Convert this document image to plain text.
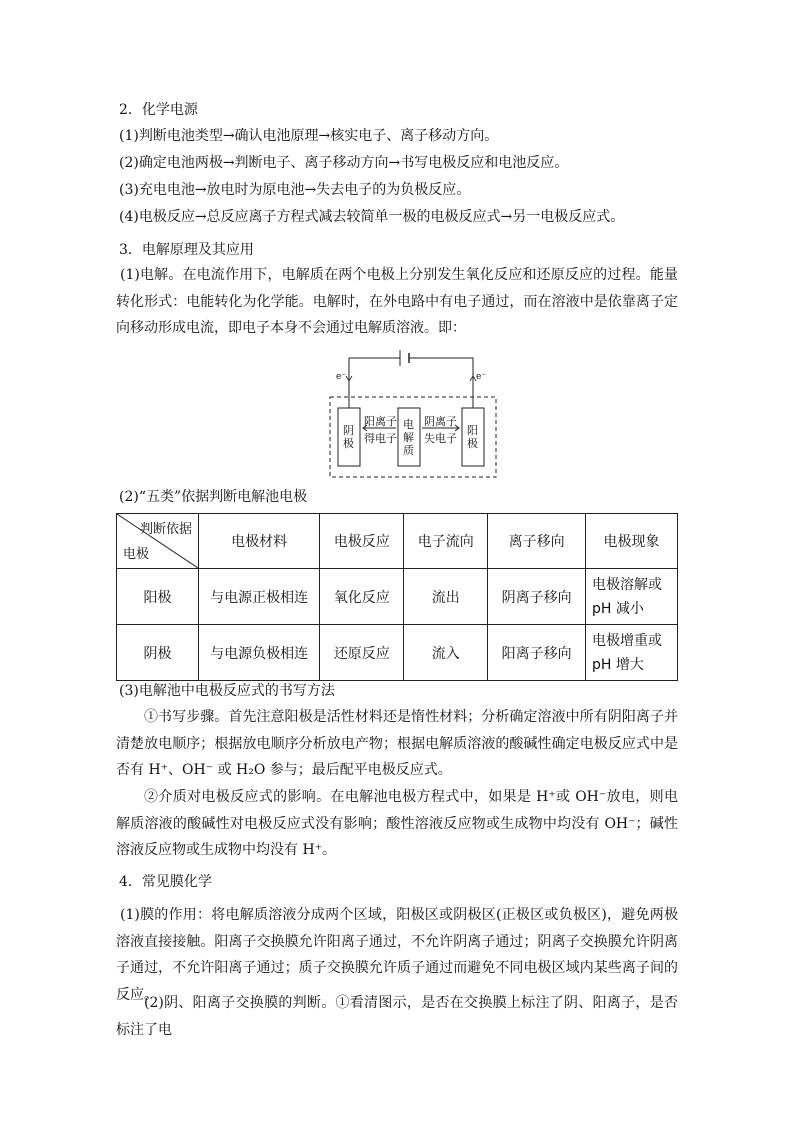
2．化学电源
(1)判断电池类型→确认电池原理→核实电子、离子移动方向。
(2)确定电池两极→判断电子、离子移动方向→书写电极反应和电池反应。
(3)充电电池→放电时为原电池→失去电子的为负极反应。
(4)电极反应→总反应离子方程式减去较简单一极的电极反应式→另一电极反应式。
3．电解原理及其应用
(1)电解。在电流作用下，电解质在两个电极上分别发生氧化反应和还原反应的过程。能量转化形式：电能转化为化学能。电解时，在外电路中有电子通过，而在溶液中是依靠离子定向移动形成电流，即电子本身不会通过电解质溶液。即：
e⁻	e⁻
阴极
电解质
阳极
阳离子
得电子
阴离子
失电子
(2)“五类”依据判断电解池电极
判断依据
电极	电极材料	电极反应	电子流向	离子移向	电极现象
阳极	与电源正极相连	氧化反应	流出	阴离子移向	电极溶解或
pH 减小

阴极	与电源负极相连	还原反应	流入	阳离子移向	电极增重或
pH 增大
(3)电解池中电极反应式的书写方法
①书写步骤。首先注意阳极是活性材料还是惰性材料；分析确定溶液中所有阴阳离子并清楚放电顺序；根据放电顺序分析放电产物；根据电解质溶液的酸碱性确定电极反应式中是否有 H⁺、OH⁻ 或 H₂O 参与；最后配平电极反应式。
②介质对电极反应式的影响。在电解池电极方程式中，如果是 H⁺或 OH⁻放电，则电解质溶液的酸碱性对电极反应式没有影响；酸性溶液反应物或生成物中均没有 OH⁻；碱性溶液反应物或生成物中均没有 H⁺。
4．常见膜化学
(1)膜的作用：将电解质溶液分成两个区域，阳极区或阴极区(正极区或负极区)，避免两极溶液直接接触。阳离子交换膜允许阳离子通过，不允许阴离子通过；阴离子交换膜允许阴离子通过，不允许阳离子通过；质子交换膜允许质子通过而避免不同电极区域内某些离子间的反应。
(2)阴、阳离子交换膜的判断。①看清图示，是否在交换膜上标注了阴、阳离子，是否标注了电
